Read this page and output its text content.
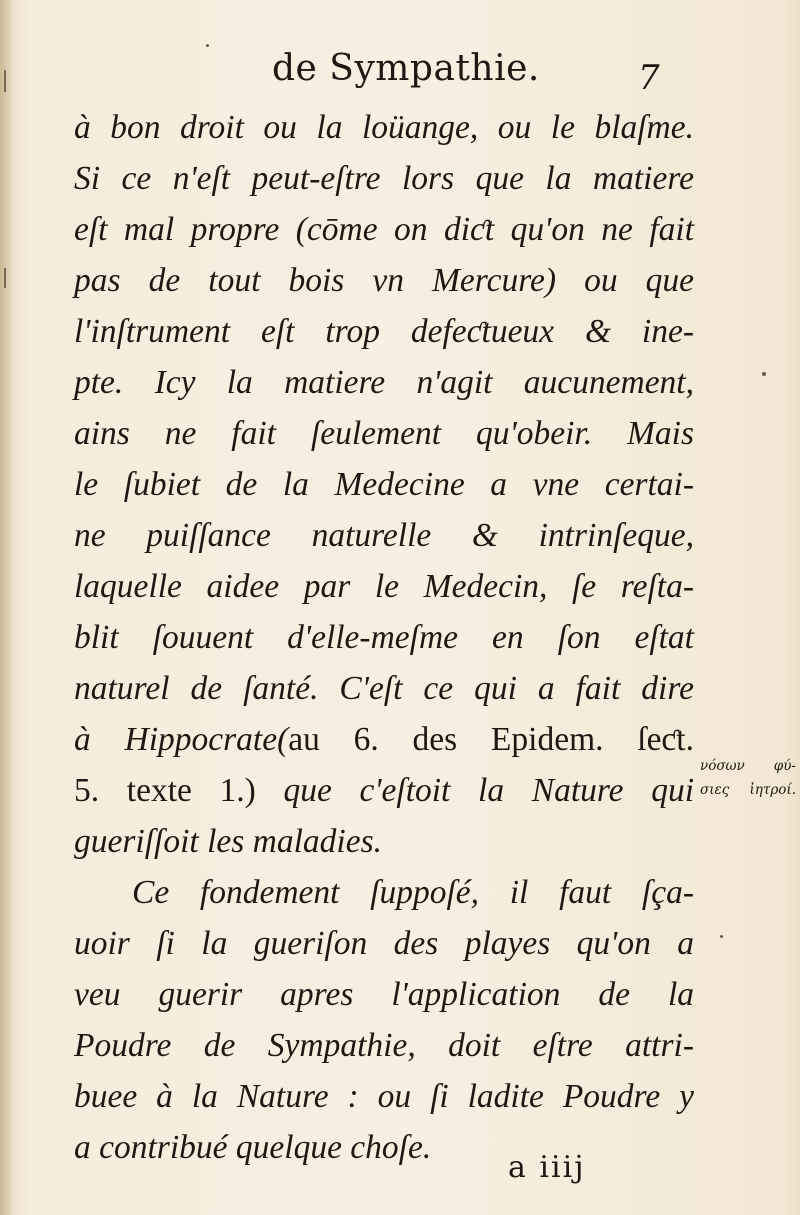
de Sympathie.	7
à bon droit ou la loüange, ou le blaſme.
Si ce n'eſt peut-eſtre lors que la matiere
eſt mal propre (cōme on diƈt qu'on ne fait
pas de tout bois vn Mercure) ou que
l'inſtrument eſt trop defeƈtueux & ine-
pte. Icy la matiere n'agit aucunement,
ains ne fait ſeulement qu'obeir. Mais
le ſubiet de la Medecine a vne certai-
ne puiſſance naturelle & intrinſeque,
laquelle aidee par le Medecin, ſe reſta-
blit ſouuent d'elle-meſme en ſon eſtat
naturel de ſanté. C'eſt ce qui a fait dire
à Hippocrate(au 6. des Epidem. ſeƈt.
5. texte 1.) que c'eſtoit la Nature qui
gueriſſoit les maladies.
Ce fondement ſuppoſé, il faut ſça-
uoir ſi la gueriſon des playes qu'on a
veu guerir apres l'application de la
Poudre de Sympathie, doit eſtre attri-
buee à la Nature : ou ſi ladite Poudre y
a contribué quelque choſe.
νόσων φύ-
σιες ἰητροί.
a iiij
